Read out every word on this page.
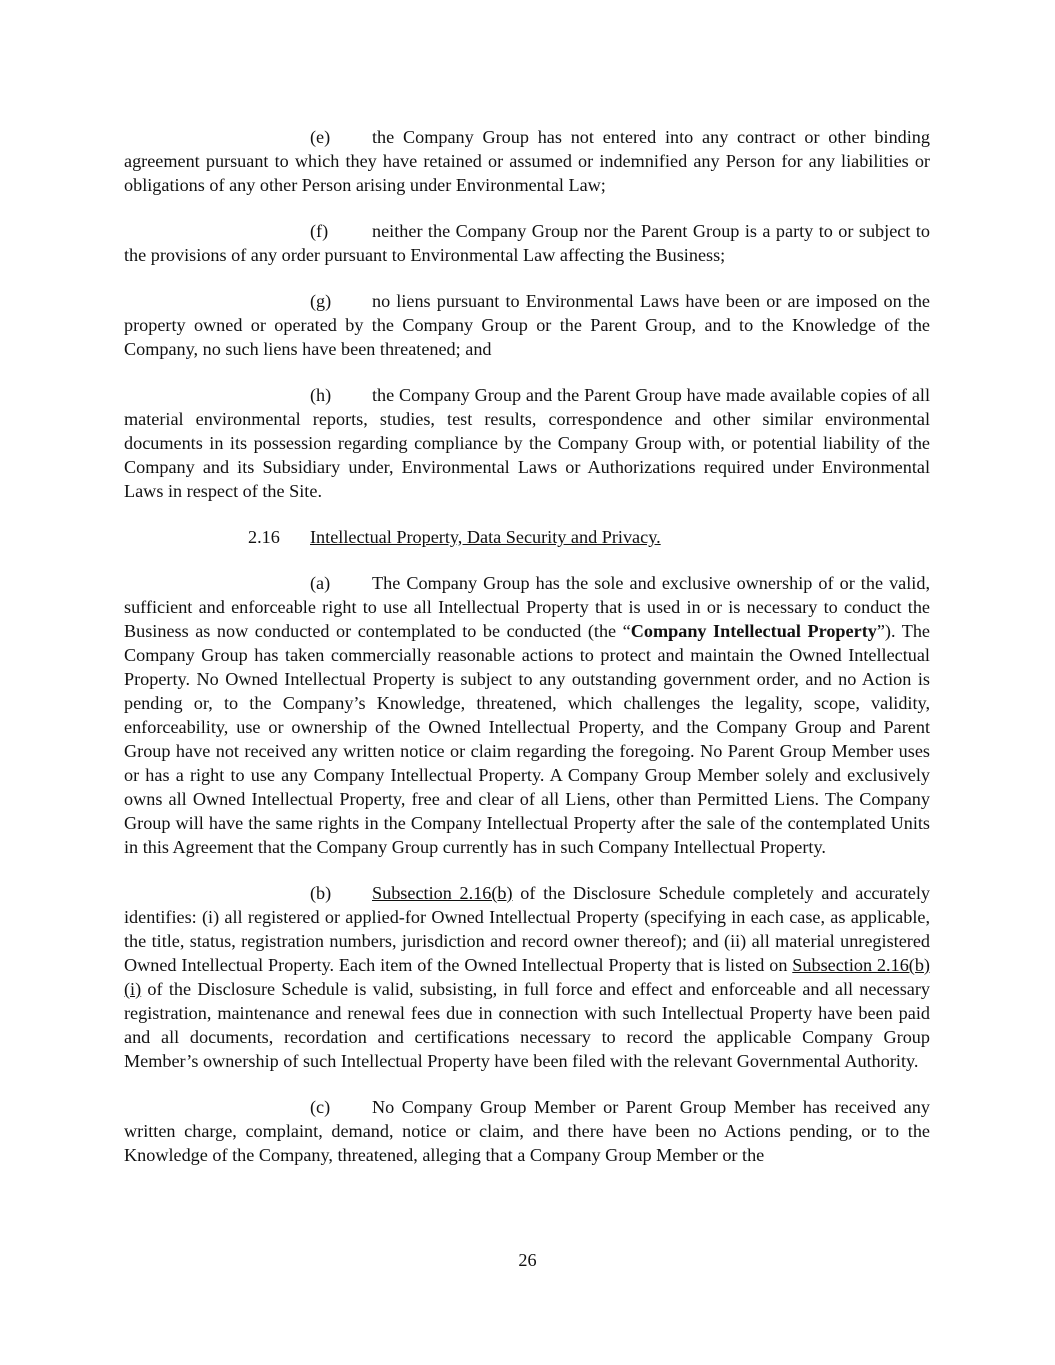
(e) the Company Group has not entered into any contract or other binding agreement pursuant to which they have retained or assumed or indemnified any Person for any liabilities or obligations of any other Person arising under Environmental Law;

(f) neither the Company Group nor the Parent Group is a party to or subject to the provisions of any order pursuant to Environmental Law affecting the Business;

(g) no liens pursuant to Environmental Laws have been or are imposed on the property owned or operated by the Company Group or the Parent Group, and to the Knowledge of the Company, no such liens have been threatened; and

(h) the Company Group and the Parent Group have made available copies of all material environmental reports, studies, test results, correspondence and other similar environmental documents in its possession regarding compliance by the Company Group with, or potential liability of the Company and its Subsidiary under, Environmental Laws or Authorizations required under Environmental Laws in respect of the Site.

2.16 Intellectual Property, Data Security and Privacy.

(a) The Company Group has the sole and exclusive ownership of or the valid, sufficient and enforceable right to use all Intellectual Property that is used in or is necessary to conduct the Business as now conducted or contemplated to be conducted (the “Company Intellectual Property”). The Company Group has taken commercially reasonable actions to protect and maintain the Owned Intellectual Property. No Owned Intellectual Property is subject to any outstanding government order, and no Action is pending or, to the Company’s Knowledge, threatened, which challenges the legality, scope, validity, enforceability, use or ownership of the Owned Intellectual Property, and the Company Group and Parent Group have not received any written notice or claim regarding the foregoing. No Parent Group Member uses or has a right to use any Company Intellectual Property. A Company Group Member solely and exclusively owns all Owned Intellectual Property, free and clear of all Liens, other than Permitted Liens. The Company Group will have the same rights in the Company Intellectual Property after the sale of the contemplated Units in this Agreement that the Company Group currently has in such Company Intellectual Property.

(b) Subsection 2.16(b) of the Disclosure Schedule completely and accurately identifies: (i) all registered or applied-for Owned Intellectual Property (specifying in each case, as applicable, the title, status, registration numbers, jurisdiction and record owner thereof); and (ii) all material unregistered Owned Intellectual Property. Each item of the Owned Intellectual Property that is listed on Subsection 2.16(b)(i) of the Disclosure Schedule is valid, subsisting, in full force and effect and enforceable and all necessary registration, maintenance and renewal fees due in connection with such Intellectual Property have been paid and all documents, recordation and certifications necessary to record the applicable Company Group Member’s ownership of such Intellectual Property have been filed with the relevant Governmental Authority.

(c) No Company Group Member or Parent Group Member has received any written charge, complaint, demand, notice or claim, and there have been no Actions pending, or to the Knowledge of the Company, threatened, alleging that a Company Group Member or the

26
